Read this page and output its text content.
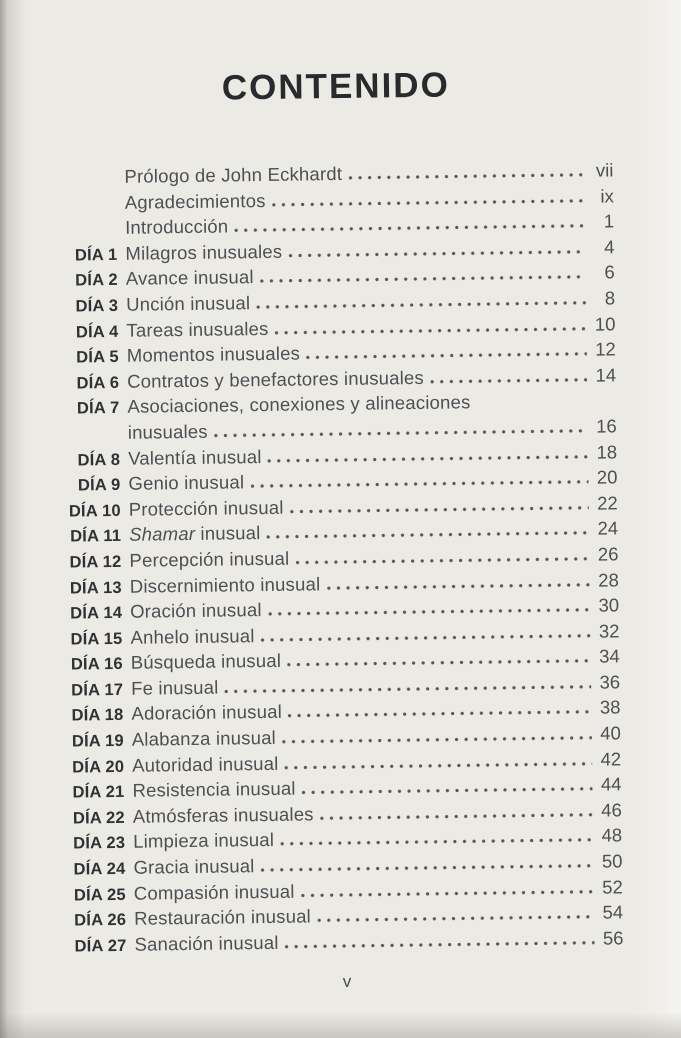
CONTENIDO
Prólogo de John Eckhardt	vii
Agradecimientos	ix
Introducción	1
DÍA 1 Milagros inusuales	4
DÍA 2 Avance inusual	6
DÍA 3 Unción inusual	8
DÍA 4 Tareas inusuales	10
DÍA 5 Momentos inusuales	12
DÍA 6 Contratos y benefactores inusuales	14
DÍA 7 Asociaciones, conexiones y alineaciones
inusuales	16
DÍA 8 Valentía inusual	18
DÍA 9 Genio inusual	20
DÍA 10 Protección inusual	22
DÍA 11 Shamar inusual	24
DÍA 12 Percepción inusual	26
DÍA 13 Discernimiento inusual	28
DÍA 14 Oración inusual	30
DÍA 15 Anhelo inusual	32
DÍA 16 Búsqueda inusual	34
DÍA 17 Fe inusual	36
DÍA 18 Adoración inusual	38
DÍA 19 Alabanza inusual	40
DÍA 20 Autoridad inusual	42
DÍA 21 Resistencia inusual	44
DÍA 22 Atmósferas inusuales	46
DÍA 23 Limpieza inusual	48
DÍA 24 Gracia inusual	50
DÍA 25 Compasión inusual	52
DÍA 26 Restauración inusual	54
DÍA 27 Sanación inusual	56
v
